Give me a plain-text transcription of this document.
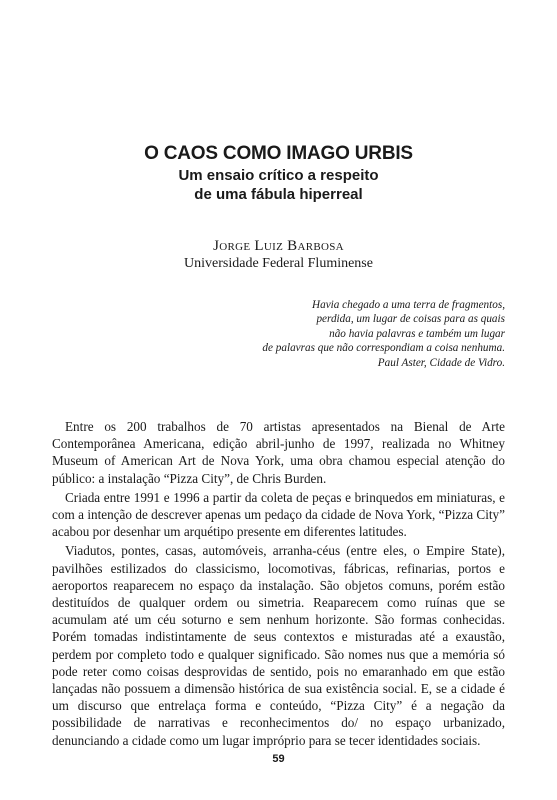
O CAOS COMO IMAGO URBIS
Um ensaio crítico a respeito
de uma fábula hiperreal
Jorge Luiz Barbosa
Universidade Federal Fluminense
Havia chegado a uma terra de fragmentos,
perdida, um lugar de coisas para as quais
não havia palavras e também um lugar
de palavras que não correspondiam a coisa nenhuma.
Paul Aster, Cidade de Vidro.

Entre os 200 trabalhos de 70 artistas apresentados na Bienal de Arte Contemporânea Americana, edição abril-junho de 1997, realizada no Whitney Museum of American Art de Nova York, uma obra chamou especial atenção do público: a instalação “Pizza City”, de Chris Burden.

Criada entre 1991 e 1996 a partir da coleta de peças e brinquedos em miniaturas, e com a intenção de descrever apenas um pedaço da cidade de Nova York, “Pizza City” acabou por desenhar um arquétipo presente em diferentes latitudes.

Viadutos, pontes, casas, automóveis, arranha-céus (entre eles, o Empire State), pavilhões estilizados do classicismo, locomotivas, fábricas, refinarias, portos e aeroportos reaparecem no espaço da instalação. São objetos comuns, porém estão destituídos de qualquer ordem ou simetria. Reaparecem como ruínas que se acumulam até um céu soturno e sem nenhum horizonte. São formas conhecidas. Porém tomadas indistintamente de seus contextos e misturadas até a exaustão, perdem por completo todo e qualquer significado. São nomes nus que a memória só pode reter como coisas desprovidas de sentido, pois no emaranhado em que estão lançadas não possuem a dimensão histórica de sua existência social. E, se a cidade é um discurso que entrelaça forma e conteúdo, “Pizza City” é a negação da possibilidade de narrativas e reconhecimentos do/ no espaço urbanizado, denunciando a cidade como um lugar impróprio para se tecer identidades sociais.

59
